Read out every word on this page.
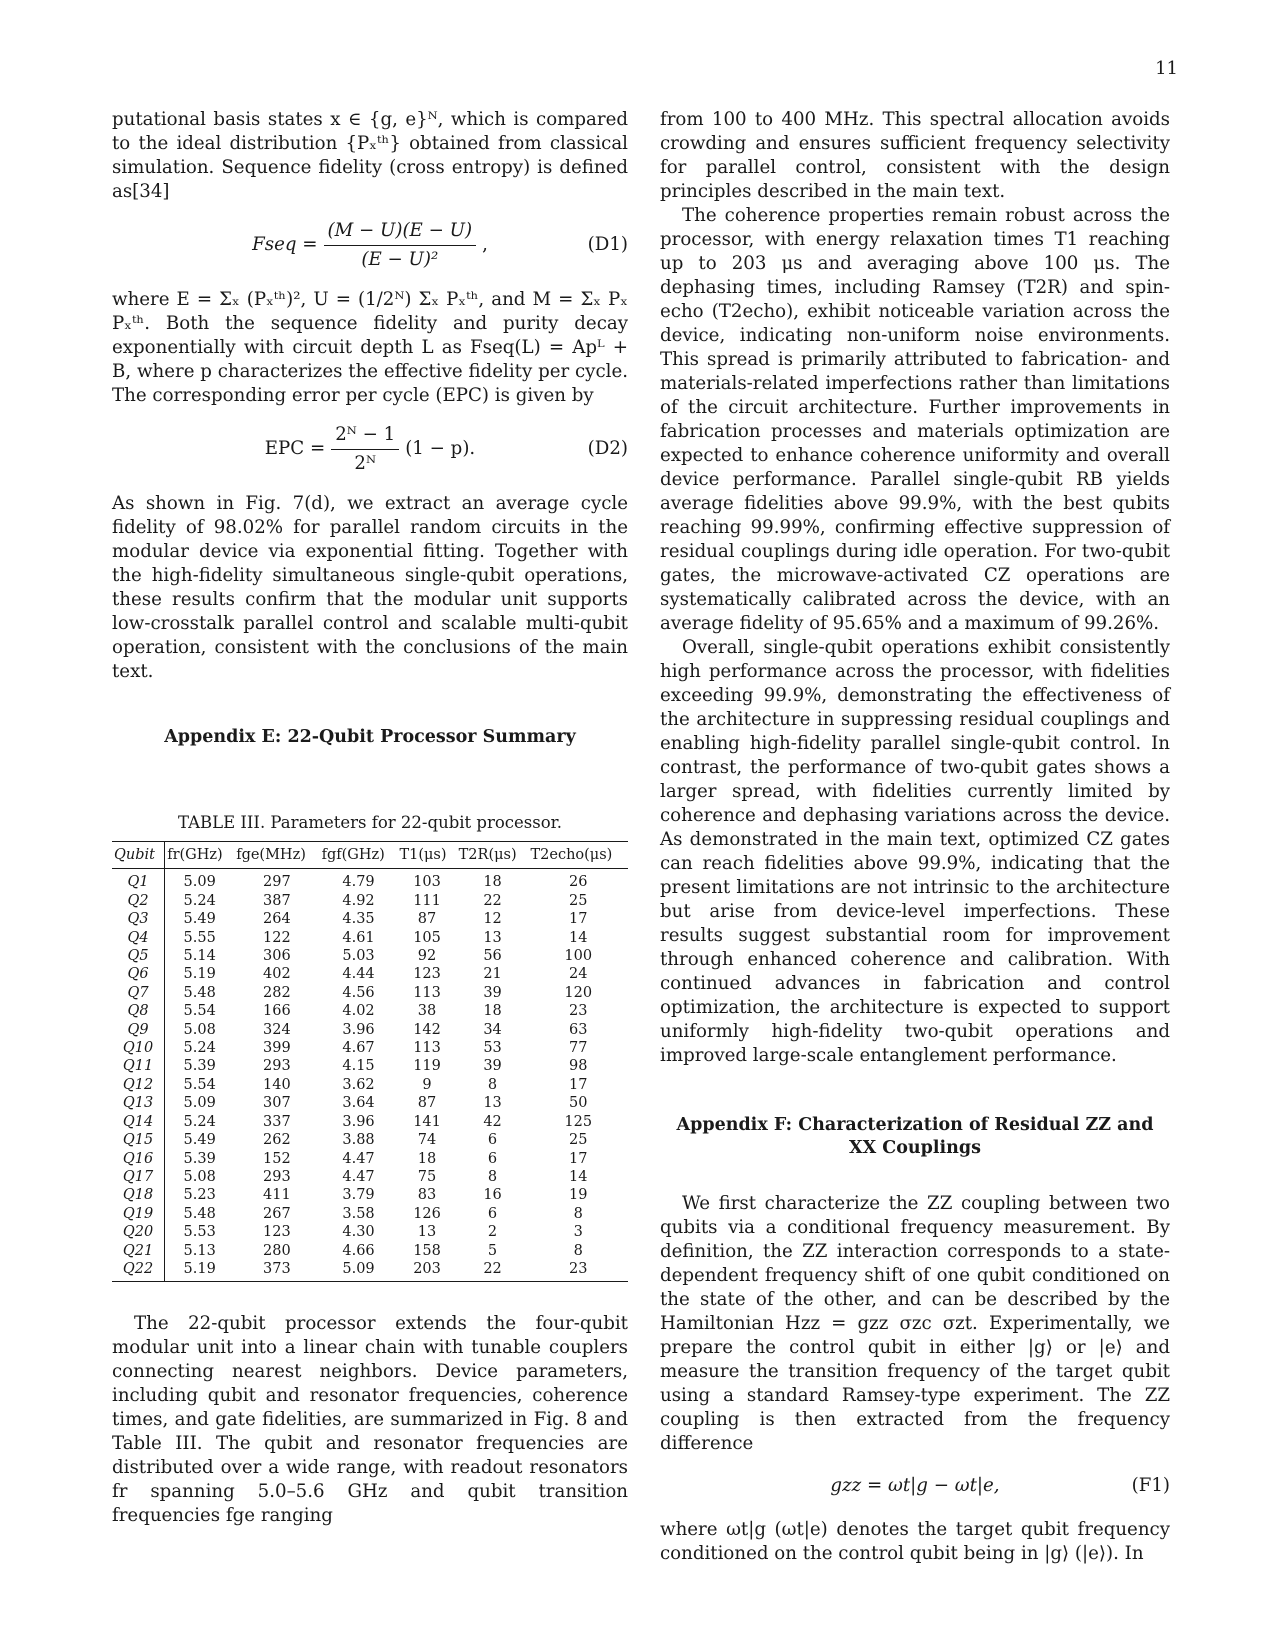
11

putational basis states x ∈ {g, e}ᴺ, which is compared to the ideal distribution {Pₓᵗʰ} obtained from classical simulation. Sequence fidelity (cross entropy) is defined as[34]

Fseq = $\frac{(M - U)(E - U)}{\text{(E − U)²}}$ ,	(D1)

where E = Σₓ (Pₓᵗʰ)², U = (1/2ᴺ) Σₓ Pₓᵗʰ, and M = Σₓ Pₓ Pₓᵗʰ. Both the sequence fidelity and purity decay exponentially with circuit depth L as Fseq(L) = Apᴸ + B, where p characterizes the effective fidelity per cycle. The corresponding error per cycle (EPC) is given by

EPC = $\frac{\text{2ᴺ − 1}}{\text{2ᴺ}} (1 - p)$.	(D2)

As shown in Fig. 7(d), we extract an average cycle fidelity of 98.02% for parallel random circuits in the modular device via exponential fitting. Together with the high-fidelity simultaneous single-qubit operations, these results confirm that the modular unit supports low-crosstalk parallel control and scalable multi-qubit operation, consistent with the conclusions of the main text.

Appendix E: 22-Qubit Processor Summary
TABLE III. Parameters for 22-qubit processor.
Qubit	fr(GHz)	fge(MHz)	fgf(GHz)	T1(μs)	T2R(μs)	T2echo(μs)
Q1	5.09	297	4.79	103	18	26
Q2	5.24	387	4.92	111	22	25
Q3	5.49	264	4.35	87	12	17
Q4	5.55	122	4.61	105	13	14
Q5	5.14	306	5.03	92	56	100
Q6	5.19	402	4.44	123	21	24
Q7	5.48	282	4.56	113	39	120
Q8	5.54	166	4.02	38	18	23
Q9	5.08	324	3.96	142	34	63
Q10	5.24	399	4.67	113	53	77
Q11	5.39	293	4.15	119	39	98
Q12	5.54	140	3.62	9	8	17
Q13	5.09	307	3.64	87	13	50
Q14	5.24	337	3.96	141	42	125
Q15	5.49	262	3.88	74	6	25
Q16	5.39	152	4.47	18	6	17
Q17	5.08	293	4.47	75	8	14
Q18	5.23	411	3.79	83	16	19
Q19	5.48	267	3.58	126	6	8
Q20	5.53	123	4.30	13	2	3
Q21	5.13	280	4.66	158	5	8
Q22	5.19	373	5.09	203	22	23

The 22-qubit processor extends the four-qubit modular unit into a linear chain with tunable couplers connecting nearest neighbors. Device parameters, including qubit and resonator frequencies, coherence times, and gate fidelities, are summarized in Fig. 8 and Table III. The qubit and resonator frequencies are distributed over a wide range, with readout resonators fr spanning 5.0–5.6 GHz and qubit transition frequencies fge ranging

from 100 to 400 MHz. This spectral allocation avoids crowding and ensures sufficient frequency selectivity for parallel control, consistent with the design principles described in the main text.

The coherence properties remain robust across the processor, with energy relaxation times T1 reaching up to 203 μs and averaging above 100 μs. The dephasing times, including Ramsey (T2R) and spin-echo (T2echo), exhibit noticeable variation across the device, indicating non-uniform noise environments. This spread is primarily attributed to fabrication- and materials-related imperfections rather than limitations of the circuit architecture. Further improvements in fabrication processes and materials optimization are expected to enhance coherence uniformity and overall device performance. Parallel single-qubit RB yields average fidelities above 99.9%, with the best qubits reaching 99.99%, confirming effective suppression of residual couplings during idle operation. For two-qubit gates, the microwave-activated CZ operations are systematically calibrated across the device, with an average fidelity of 95.65% and a maximum of 99.26%.

Overall, single-qubit operations exhibit consistently high performance across the processor, with fidelities exceeding 99.9%, demonstrating the effectiveness of the architecture in suppressing residual couplings and enabling high-fidelity parallel single-qubit control. In contrast, the performance of two-qubit gates shows a larger spread, with fidelities currently limited by coherence and dephasing variations across the device. As demonstrated in the main text, optimized CZ gates can reach fidelities above 99.9%, indicating that the present limitations are not intrinsic to the architecture but arise from device-level imperfections. These results suggest substantial room for improvement through enhanced coherence and calibration. With continued advances in fabrication and control optimization, the architecture is expected to support uniformly high-fidelity two-qubit operations and improved large-scale entanglement performance.

Appendix F: Characterization of Residual ZZ and XX Couplings

We first characterize the ZZ coupling between two qubits via a conditional frequency measurement. By definition, the ZZ interaction corresponds to a state-dependent frequency shift of one qubit conditioned on the state of the other, and can be described by the Hamiltonian Hzz = gzz σzc σzt. Experimentally, we prepare the control qubit in either |g⟩ or |e⟩ and measure the transition frequency of the target qubit using a standard Ramsey-type experiment. The ZZ coupling is then extracted from the frequency difference

gzz = ωt|g − ωt|e,	(F1)

where ωt|g (ωt|e) denotes the target qubit frequency conditioned on the control qubit being in |g⟩ (|e⟩). In
